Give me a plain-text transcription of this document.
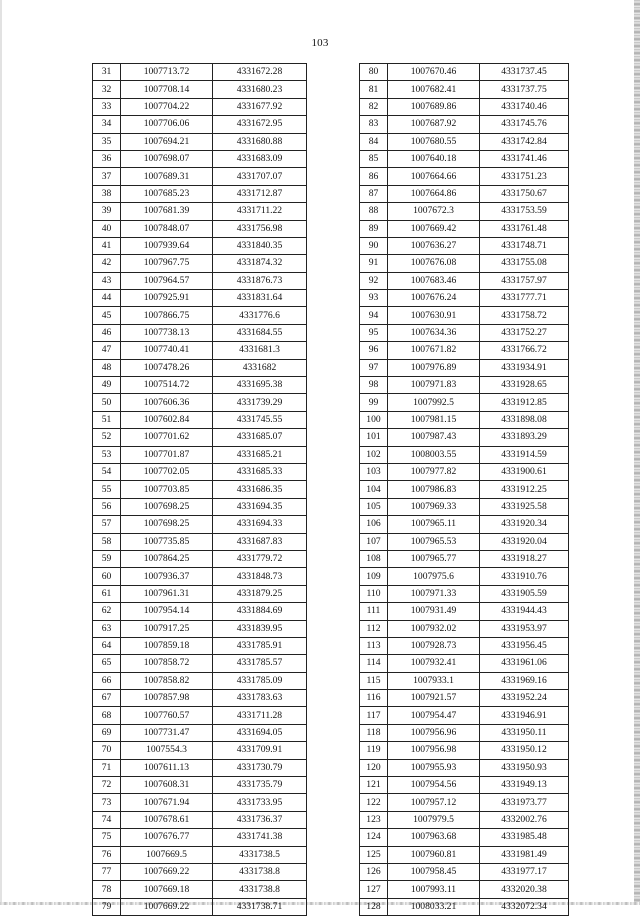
103
31	1007713.72	4331672.28
32	1007708.14	4331680.23
33	1007704.22	4331677.92
34	1007706.06	4331672.95
35	1007694.21	4331680.88
36	1007698.07	4331683.09
37	1007689.31	4331707.07
38	1007685.23	4331712.87
39	1007681.39	4331711.22
40	1007848.07	4331756.98
41	1007939.64	4331840.35
42	1007967.75	4331874.32
43	1007964.57	4331876.73
44	1007925.91	4331831.64
45	1007866.75	4331776.6
46	1007738.13	4331684.55
47	1007740.41	4331681.3
48	1007478.26	4331682
49	1007514.72	4331695.38
50	1007606.36	4331739.29
51	1007602.84	4331745.55
52	1007701.62	4331685.07
53	1007701.87	4331685.21
54	1007702.05	4331685.33
55	1007703.85	4331686.35
56	1007698.25	4331694.35
57	1007698.25	4331694.33
58	1007735.85	4331687.83
59	1007864.25	4331779.72
60	1007936.37	4331848.73
61	1007961.31	4331879.25
62	1007954.14	4331884.69
63	1007917.25	4331839.95
64	1007859.18	4331785.91
65	1007858.72	4331785.57
66	1007858.82	4331785.09
67	1007857.98	4331783.63
68	1007760.57	4331711.28
69	1007731.47	4331694.05
70	1007554.3	4331709.91
71	1007611.13	4331730.79
72	1007608.31	4331735.79
73	1007671.94	4331733.95
74	1007678.61	4331736.37
75	1007676.77	4331741.38
76	1007669.5	4331738.5
77	1007669.22	4331738.8
78	1007669.18	4331738.8
79	1007669.22	4331738.71
80	1007670.46	4331737.45
81	1007682.41	4331737.75
82	1007689.86	4331740.46
83	1007687.92	4331745.76
84	1007680.55	4331742.84
85	1007640.18	4331741.46
86	1007664.66	4331751.23
87	1007664.86	4331750.67
88	1007672.3	4331753.59
89	1007669.42	4331761.48
90	1007636.27	4331748.71
91	1007676.08	4331755.08
92	1007683.46	4331757.97
93	1007676.24	4331777.71
94	1007630.91	4331758.72
95	1007634.36	4331752.27
96	1007671.82	4331766.72
97	1007976.89	4331934.91
98	1007971.83	4331928.65
99	1007992.5	4331912.85
100	1007981.15	4331898.08
101	1007987.43	4331893.29
102	1008003.55	4331914.59
103	1007977.82	4331900.61
104	1007986.83	4331912.25
105	1007969.33	4331925.58
106	1007965.11	4331920.34
107	1007965.53	4331920.04
108	1007965.77	4331918.27
109	1007975.6	4331910.76
110	1007971.33	4331905.59
111	1007931.49	4331944.43
112	1007932.02	4331953.97
113	1007928.73	4331956.45
114	1007932.41	4331961.06
115	1007933.1	4331969.16
116	1007921.57	4331952.24
117	1007954.47	4331946.91
118	1007956.96	4331950.11
119	1007956.98	4331950.12
120	1007955.93	4331950.93
121	1007954.56	4331949.13
122	1007957.12	4331973.77
123	1007979.5	4332002.76
124	1007963.68	4331985.48
125	1007960.81	4331981.49
126	1007958.45	4331977.17
127	1007993.11	4332020.38
128	1008033.21	4332072.34
